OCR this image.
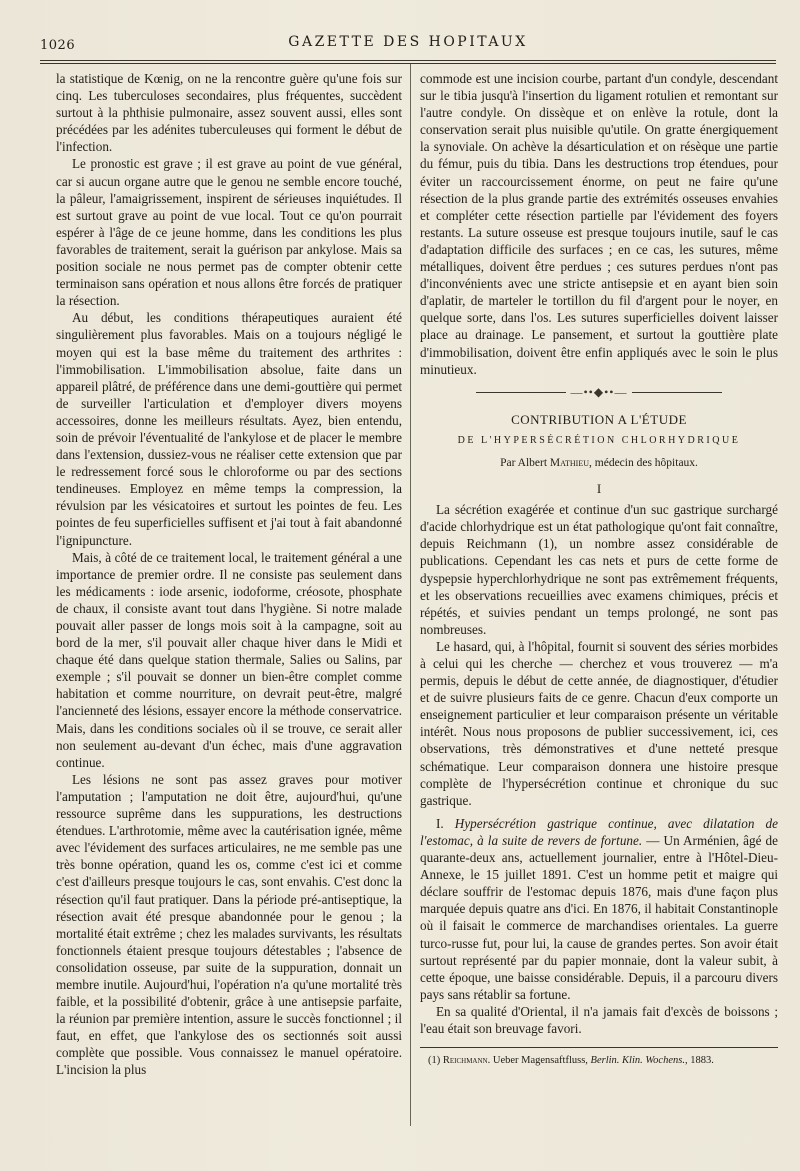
1026	GAZETTE DES HOPITAUX

la statistique de Kœnig, on ne la rencontre guère qu'une fois sur cinq. Les tuberculoses secondaires, plus fréquentes, succèdent surtout à la phthisie pulmonaire, assez souvent aussi, elles sont précédées par les adénites tuberculeuses qui forment le début de l'infection.

Le pronostic est grave ; il est grave au point de vue général, car si aucun organe autre que le genou ne semble encore touché, la pâleur, l'amaigrissement, inspirent de sérieuses inquiétudes. Il est surtout grave au point de vue local. Tout ce qu'on pourrait espérer à l'âge de ce jeune homme, dans les conditions les plus favorables de traitement, serait la guérison par ankylose. Mais sa position sociale ne nous permet pas de compter obtenir cette terminaison sans opération et nous allons être forcés de pratiquer la résection.

Au début, les conditions thérapeutiques auraient été singulièrement plus favorables. Mais on a toujours négligé le moyen qui est la base même du traitement des arthrites : l'immobilisation. L'immobilisation absolue, faite dans un appareil plâtré, de préférence dans une demi-gouttière qui permet de surveiller l'articulation et d'employer divers moyens accessoires, donne les meilleurs résultats. Ayez, bien entendu, soin de prévoir l'éventualité de l'ankylose et de placer le membre dans l'extension, dussiez-vous ne réaliser cette extension que par le redressement forcé sous le chloroforme ou par des sections tendineuses. Employez en même temps la compression, la révulsion par les vésicatoires et surtout les pointes de feu. Les pointes de feu superficielles suffisent et j'ai tout à fait abandonné l'ignipuncture.

Mais, à côté de ce traitement local, le traitement général a une importance de premier ordre. Il ne consiste pas seulement dans les médicaments : iode arsenic, iodoforme, créosote, phosphate de chaux, il consiste avant tout dans l'hygiène. Si notre malade pouvait aller passer de longs mois soit à la campagne, soit au bord de la mer, s'il pouvait aller chaque hiver dans le Midi et chaque été dans quelque station thermale, Salies ou Salins, par exemple ; s'il pouvait se donner un bien-être complet comme habitation et comme nourriture, on devrait peut-être, malgré l'ancienneté des lésions, essayer encore la méthode conservatrice. Mais, dans les conditions sociales où il se trouve, ce serait aller non seulement au-devant d'un échec, mais d'une aggravation continue.

Les lésions ne sont pas assez graves pour motiver l'amputation ; l'amputation ne doit être, aujourd'hui, qu'une ressource suprême dans les suppurations, les destructions étendues. L'arthrotomie, même avec la cautérisation ignée, même avec l'évidement des surfaces articulaires, ne me semble pas une très bonne opération, quand les os, comme c'est ici et comme c'est d'ailleurs presque toujours le cas, sont envahis. C'est donc la résection qu'il faut pratiquer. Dans la période pré-antiseptique, la résection avait été presque abandonnée pour le genou ; la mortalité était extrême ; chez les malades survivants, les résultats fonctionnels étaient presque toujours détestables ; l'absence de consolidation osseuse, par suite de la suppuration, donnait un membre inutile. Aujourd'hui, l'opération n'a qu'une mortalité très faible, et la possibilité d'obtenir, grâce à une antisepsie parfaite, la réunion par première intention, assure le succès fonctionnel ; il faut, en effet, que l'ankylose des os sectionnés soit aussi complète que possible. Vous connaissez le manuel opératoire. L'incision la plus

commode est une incision courbe, partant d'un condyle, descendant sur le tibia jusqu'à l'insertion du ligament rotulien et remontant sur l'autre condyle. On dissèque et on enlève la rotule, dont la conservation serait plus nuisible qu'utile. On gratte énergiquement la synoviale. On achève la désarticulation et on résèque une partie du fémur, puis du tibia. Dans les destructions trop étendues, pour éviter un raccourcissement énorme, on peut ne faire qu'une résection de la plus grande partie des extrémités osseuses envahies et compléter cette résection partielle par l'évidement des foyers restants. La suture osseuse est presque toujours inutile, sauf le cas d'adaptation difficile des surfaces ; en ce cas, les sutures, même métalliques, doivent être perdues ; ces sutures perdues n'ont pas d'inconvénients avec une stricte antisepsie et en ayant bien soin d'aplatir, de marteler le tortillon du fil d'argent pour le noyer, en quelque sorte, dans l'os. Les sutures superficielles doivent laisser place au drainage. Le pansement, et surtout la gouttière plate d'immobilisation, doivent être enfin appliqués avec le soin le plus minutieux.

—••◆••—
CONTRIBUTION A L'ÉTUDE
DE L'HYPERSÉCRÉTION CHLORHYDRIQUE
Par Albert Mathieu, médecin des hôpitaux.
I

La sécrétion exagérée et continue d'un suc gastrique surchargé d'acide chlorhydrique est un état pathologique qu'ont fait connaître, depuis Reichmann (1), un nombre assez considérable de publications. Cependant les cas nets et purs de cette forme de dyspepsie hyperchlorhydrique ne sont pas extrêmement fréquents, et les observations recueillies avec examens chimiques, précis et répétés, et suivies pendant un temps prolongé, ne sont pas nombreuses.

Le hasard, qui, à l'hôpital, fournit si souvent des séries morbides à celui qui les cherche — cherchez et vous trouverez — m'a permis, depuis le début de cette année, de diagnostiquer, d'étudier et de suivre plusieurs faits de ce genre. Chacun d'eux comporte un enseignement particulier et leur comparaison présente un véritable intérêt. Nous nous proposons de publier successivement, ici, ces observations, très démonstratives et d'une netteté presque schématique. Leur comparaison donnera une histoire presque complète de l'hypersécrétion continue et chronique du suc gastrique.

I. Hypersécrétion gastrique continue, avec dilatation de l'estomac, à la suite de revers de fortune. — Un Arménien, âgé de quarante-deux ans, actuellement journalier, entre à l'Hôtel-Dieu-Annexe, le 15 juillet 1891. C'est un homme petit et maigre qui déclare souffrir de l'estomac depuis 1876, mais d'une façon plus marquée depuis quatre ans d'ici. En 1876, il habitait Constantinople où il faisait le commerce de marchandises orientales. La guerre turco-russe fut, pour lui, la cause de grandes pertes. Son avoir était surtout représenté par du papier monnaie, dont la valeur subit, à cette époque, une baisse considérable. Depuis, il a parcouru divers pays sans rétablir sa fortune.

En sa qualité d'Oriental, il n'a jamais fait d'excès de boissons ; l'eau était son breuvage favori.

(1) Reichmann. Ueber Magensaftfluss, Berlin. Klin. Wochens., 1883.
